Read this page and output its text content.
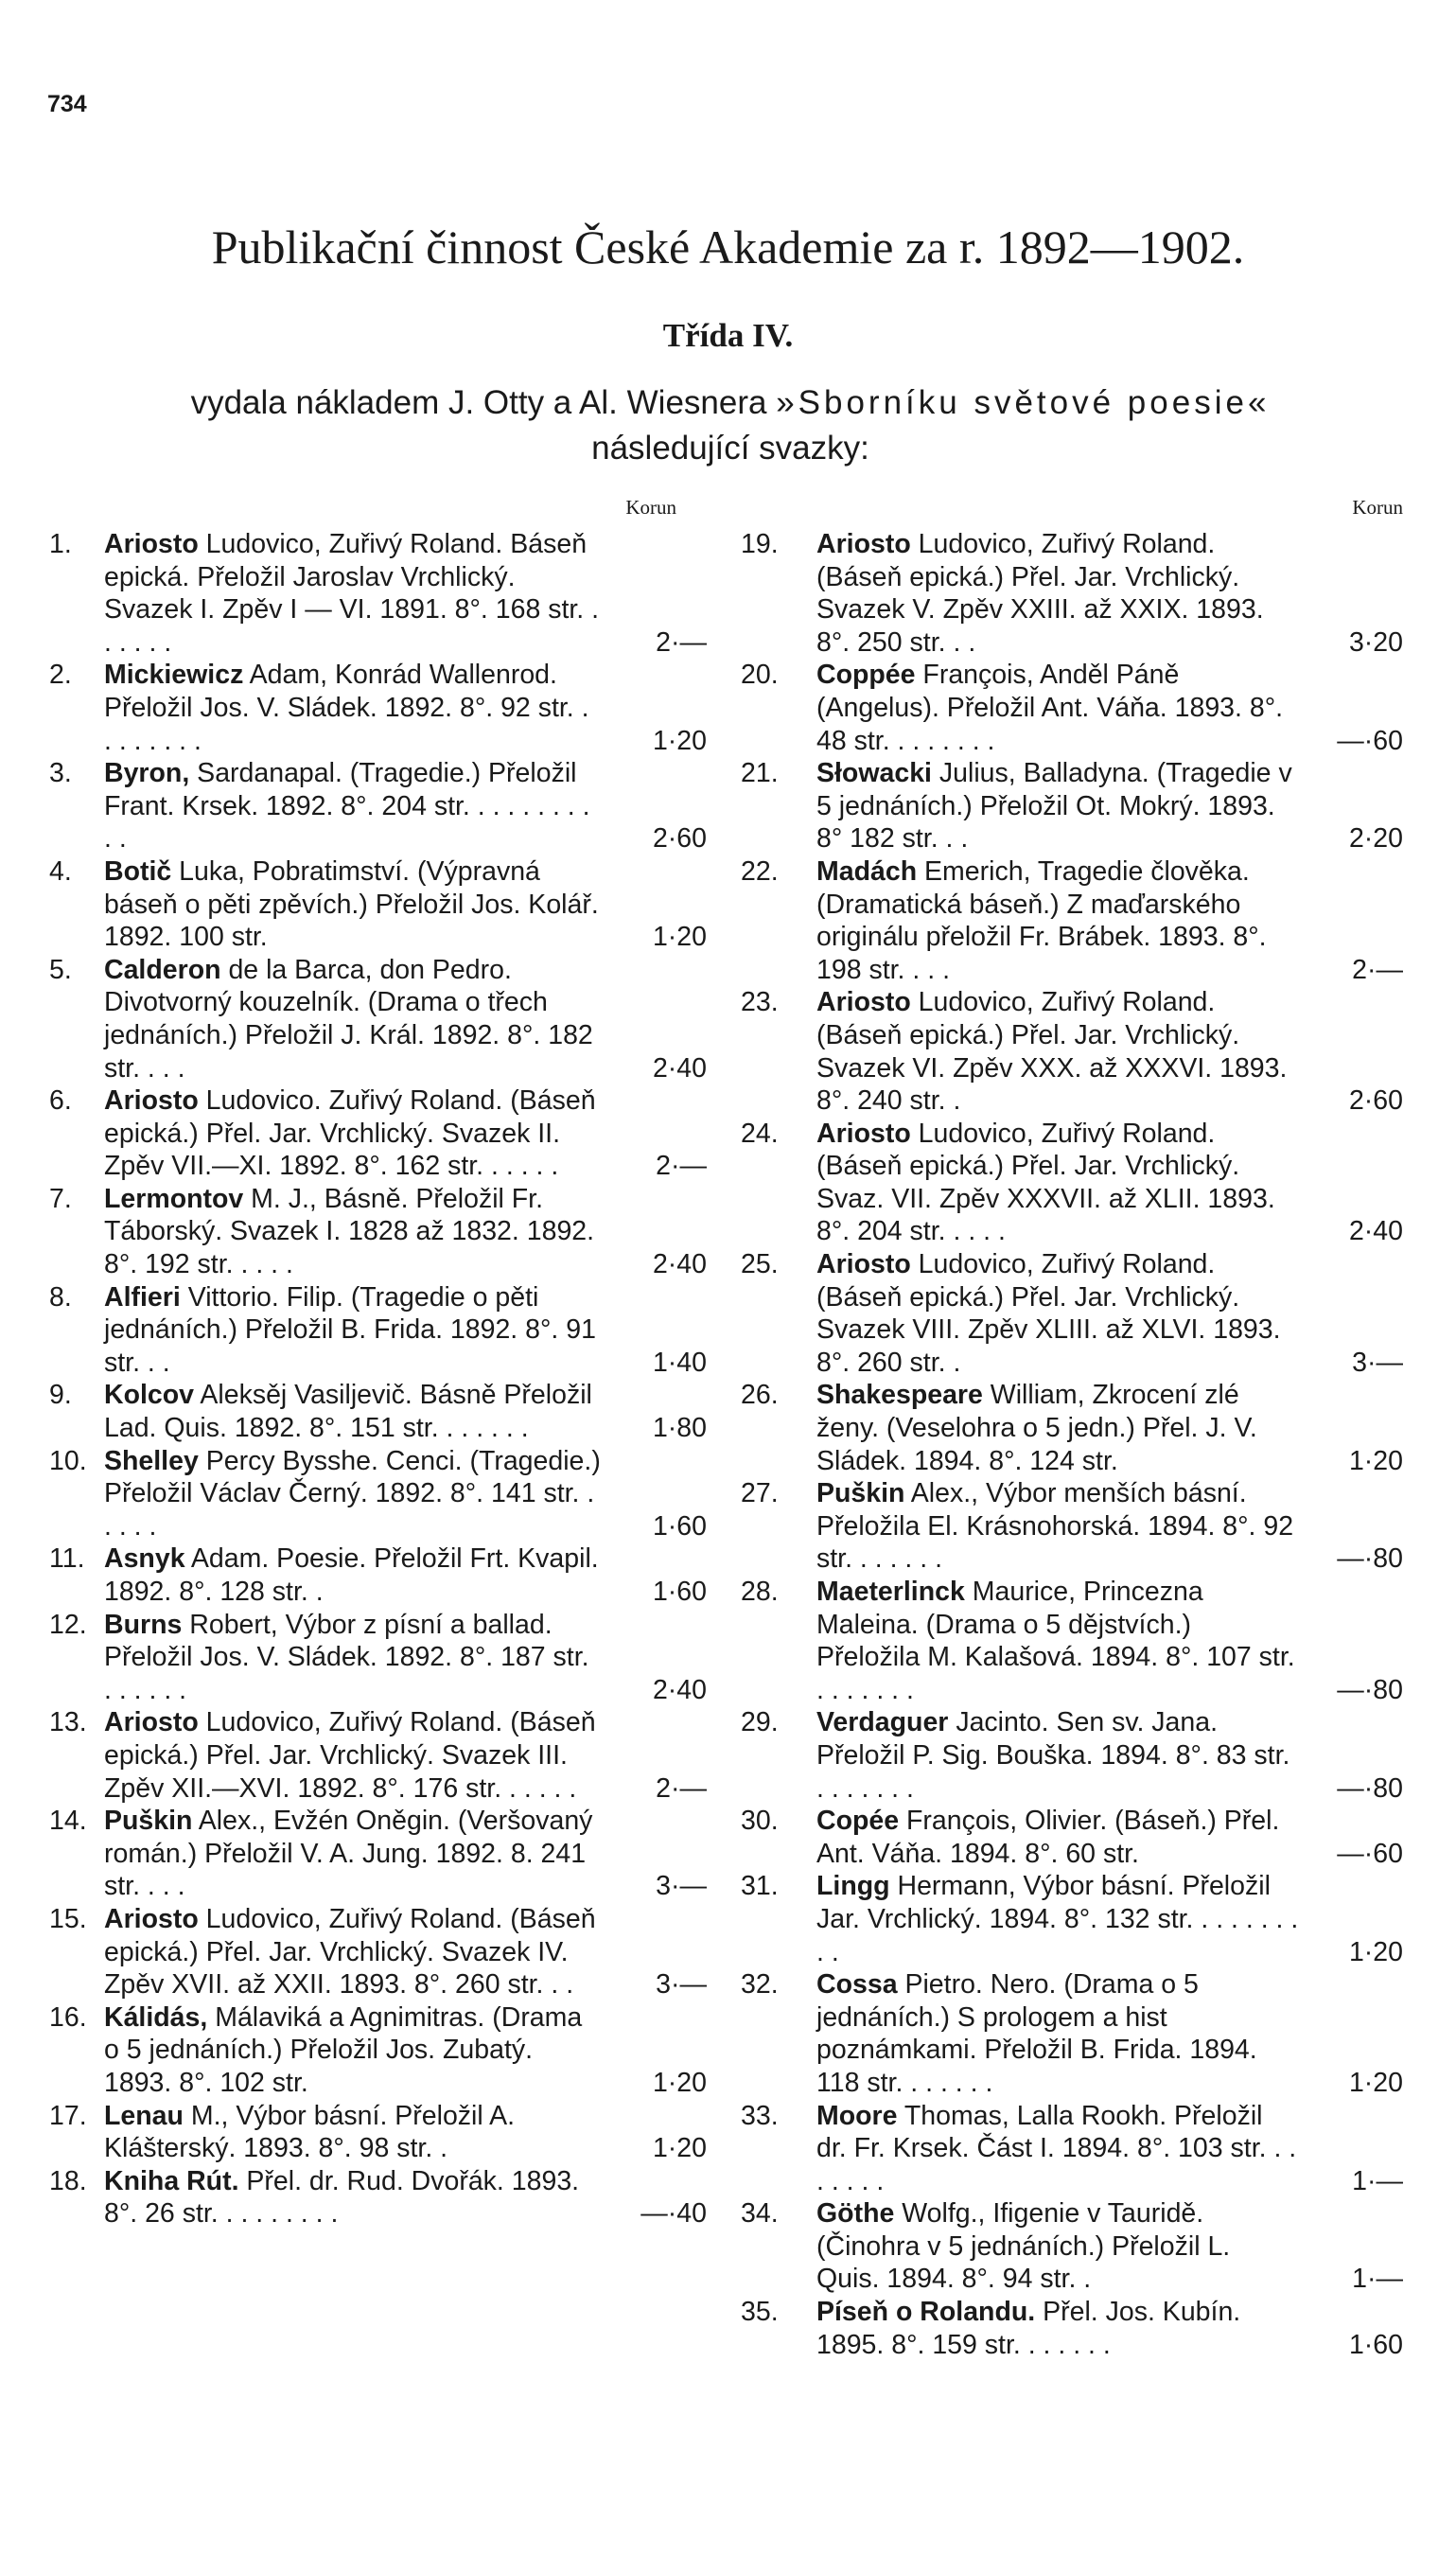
734
Publikační činnost České Akademie za r. 1892—1902.
Třída IV.
vydala nákladem J. Otty a Al. Wiesnera »Sborníku světové poesie«
následující svazky:
Korun
1.	Ariosto Ludovico, Zuřivý Roland. Báseň epická. Přeložil Jaroslav Vrchlický. Svazek I. Zpěv I — VI. 1891. 8°. 168 str. . . . . . .	2·—
2.	Mickiewicz Adam, Konrád Wallenrod. Přeložil Jos. V. Sládek. 1892. 8°. 92 str. . . . . . . . .	1·20
3.	Byron, Sardanapal. (Tragedie.) Přeložil Frant. Krsek. 1892. 8°. 204 str. . . . . . . . . . .	2·60
4.	Botič Luka, Pobratimství. (Výpravná báseň o pěti zpěvích.) Přeložil Jos. Kolář. 1892. 100 str.	1·20
5.	Calderon de la Barca, don Pedro. Divotvorný kouzelník. (Drama o třech jednáních.) Přeložil J. Král. 1892. 8°. 182 str. . . .	2·40
6.	Ariosto Ludovico. Zuřivý Roland. (Báseň epická.) Přel. Jar. Vrchlický. Svazek II. Zpěv VII.—XI. 1892. 8°. 162 str. . . . . .	2·—
7.	Lermontov M. J., Básně. Přeložil Fr. Táborský. Svazek I. 1828 až 1832. 1892. 8°. 192 str. . . . .	2·40
8.	Alfieri Vittorio. Filip. (Tragedie o pěti jednáních.) Přeložil B. Frida. 1892. 8°. 91 str. . .	1·40
9.	Kolcov Aleksěj Vasiljevič. Básně Přeložil Lad. Quis. 1892. 8°. 151 str. . . . . . .	1·80
10. Shelley Percy Bysshe. Cenci. (Tragedie.) Přeložil Václav Černý. 1892. 8°. 141 str. . . . . .	1·60
11. Asnyk Adam. Poesie. Přeložil Frt. Kvapil. 1892. 8°. 128 str. .	1·60
12. Burns Robert, Výbor z písní a ballad. Přeložil Jos. V. Sládek. 1892. 8°. 187 str. . . . . . .	2·40
13. Ariosto Ludovico, Zuřivý Roland. (Báseň epická.) Přel. Jar. Vrchlický. Svazek III. Zpěv XII.—XVI. 1892. 8°. 176 str. . . . . .	2·—
14. Puškin Alex., Evžén Oněgin. (Veršovaný román.) Přeložil V. A. Jung. 1892. 8. 241 str. . . .	3·—
15. Ariosto Ludovico, Zuřivý Roland. (Báseň epická.) Přel. Jar. Vrchlický. Svazek IV. Zpěv XVII. až XXII. 1893. 8°. 260 str. . .	3·—
16. Kálidás, Málaviká a Agnimitras. (Drama o 5 jednáních.) Přeložil Jos. Zubatý. 1893. 8°. 102 str.	1·20
17. Lenau M., Výbor básní. Přeložil A. Klášterský. 1893. 8°. 98 str. .	1·20
18. Kniha Rút. Přel. dr. Rud. Dvořák. 1893. 8°. 26 str. . . . . . . . .	—·40
Korun
19.	Ariosto Ludovico, Zuřivý Roland. (Báseň epická.) Přel. Jar. Vrchlický. Svazek V. Zpěv XXIII. až XXIX. 1893. 8°. 250 str. . .	3·20
20.	Coppée François, Anděl Páně (Angelus). Přeložil Ant. Váňa. 1893. 8°. 48 str. . . . . . . .	—·60
21.	Słowacki Julius, Balladyna. (Tragedie v 5 jednáních.) Přeložil Ot. Mokrý. 1893. 8° 182 str. . .	2·20
22.	Madách Emerich, Tragedie člověka. (Dramatická báseň.) Z maďarského originálu přeložil Fr. Brábek. 1893. 8°. 198 str. . . .	2·—
23.	Ariosto Ludovico, Zuřivý Roland. (Báseň epická.) Přel. Jar. Vrchlický. Svazek VI. Zpěv XXX. až XXXVI. 1893. 8°. 240 str. .	2·60
24.	Ariosto Ludovico, Zuřivý Roland. (Báseň epická.) Přel. Jar. Vrchlický. Svaz. VII. Zpěv XXXVII. až XLII. 1893. 8°. 204 str. . . . .	2·40
25.	Ariosto Ludovico, Zuřivý Roland. (Báseň epická.) Přel. Jar. Vrchlický. Svazek VIII. Zpěv XLIII. až XLVI. 1893. 8°. 260 str. .	3·—
26.	Shakespeare William, Zkrocení zlé ženy. (Veselohra o 5 jedn.) Přel. J. V. Sládek. 1894. 8°. 124 str.	1·20
27.	Puškin Alex., Výbor menších básní. Přeložila El. Krásnohorská. 1894. 8°. 92 str. . . . . . .	—·80
28.	Maeterlinck Maurice, Princezna Maleina. (Drama o 5 dějstvích.) Přeložila M. Kalašová. 1894. 8°. 107 str. . . . . . . .	—·80
29.	Verdaguer Jacinto. Sen sv. Jana. Přeložil P. Sig. Bouška. 1894. 8°. 83 str. . . . . . . .	—·80
30.	Copée François, Olivier. (Báseň.) Přel. Ant. Váňa. 1894. 8°. 60 str.	—·60
31.	Lingg Hermann, Výbor básní. Přeložil Jar. Vrchlický. 1894. 8°. 132 str. . . . . . . . . .	1·20
32.	Cossa Pietro. Nero. (Drama o 5 jednáních.) S prologem a hist poznámkami. Přeložil B. Frida. 1894. 118 str. . . . . . .	1·20
33.	Moore Thomas, Lalla Rookh. Přeložil dr. Fr. Krsek. Část I. 1894. 8°. 103 str. . . . . . . .	1·—
34.	Göthe Wolfg., Ifigenie v Tauridě. (Činohra v 5 jednáních.) Přeložil L. Quis. 1894. 8°. 94 str. .	1·—
35.	Píseň o Rolandu. Přel. Jos. Kubín. 1895. 8°. 159 str. . . . . . .	1·60
